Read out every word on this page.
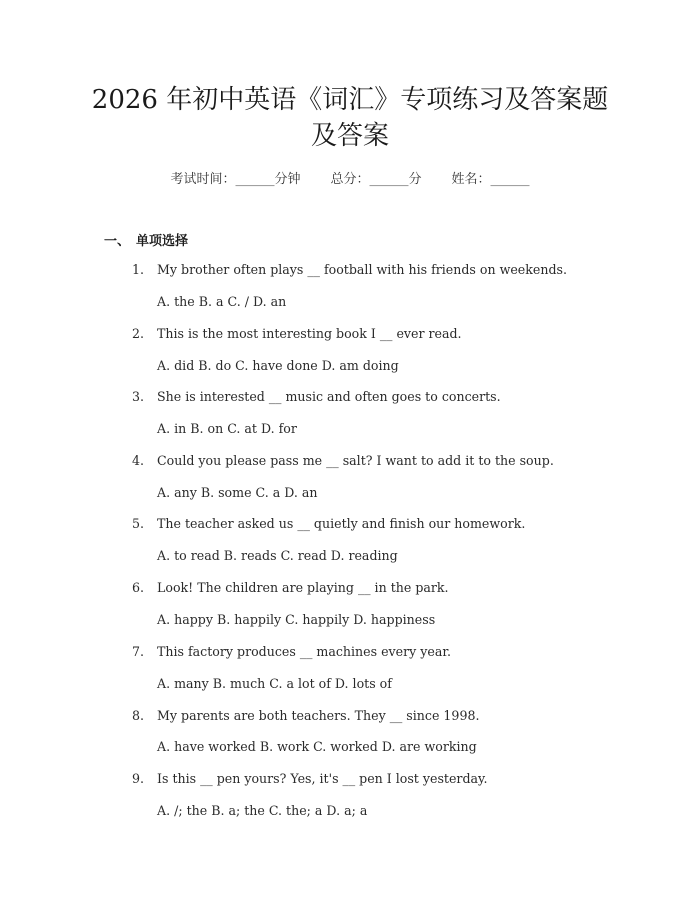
2026 年初中英语《词汇》专项练习及答案题
及答案
考试时间：______分钟 总分：______分 姓名：______
一、 单项选择
1. My brother often plays __ football with his friends on weekends.
A. the B. a C. / D. an
2. This is the most interesting book I __ ever read.
A. did B. do C. have done D. am doing
3. She is interested __ music and often goes to concerts.
A. in B. on C. at D. for
4. Could you please pass me __ salt? I want to add it to the soup.
A. any B. some C. a D. an
5. The teacher asked us __ quietly and finish our homework.
A. to read B. reads C. read D. reading
6. Look! The children are playing __ in the park.
A. happy B. happily C. happily D. happiness
7. This factory produces __ machines every year.
A. many B. much C. a lot of D. lots of
8. My parents are both teachers. They __ since 1998.
A. have worked B. work C. worked D. are working
9. Is this __ pen yours? Yes, it's __ pen I lost yesterday.
A. /; the B. a; the C. the; a D. a; a
